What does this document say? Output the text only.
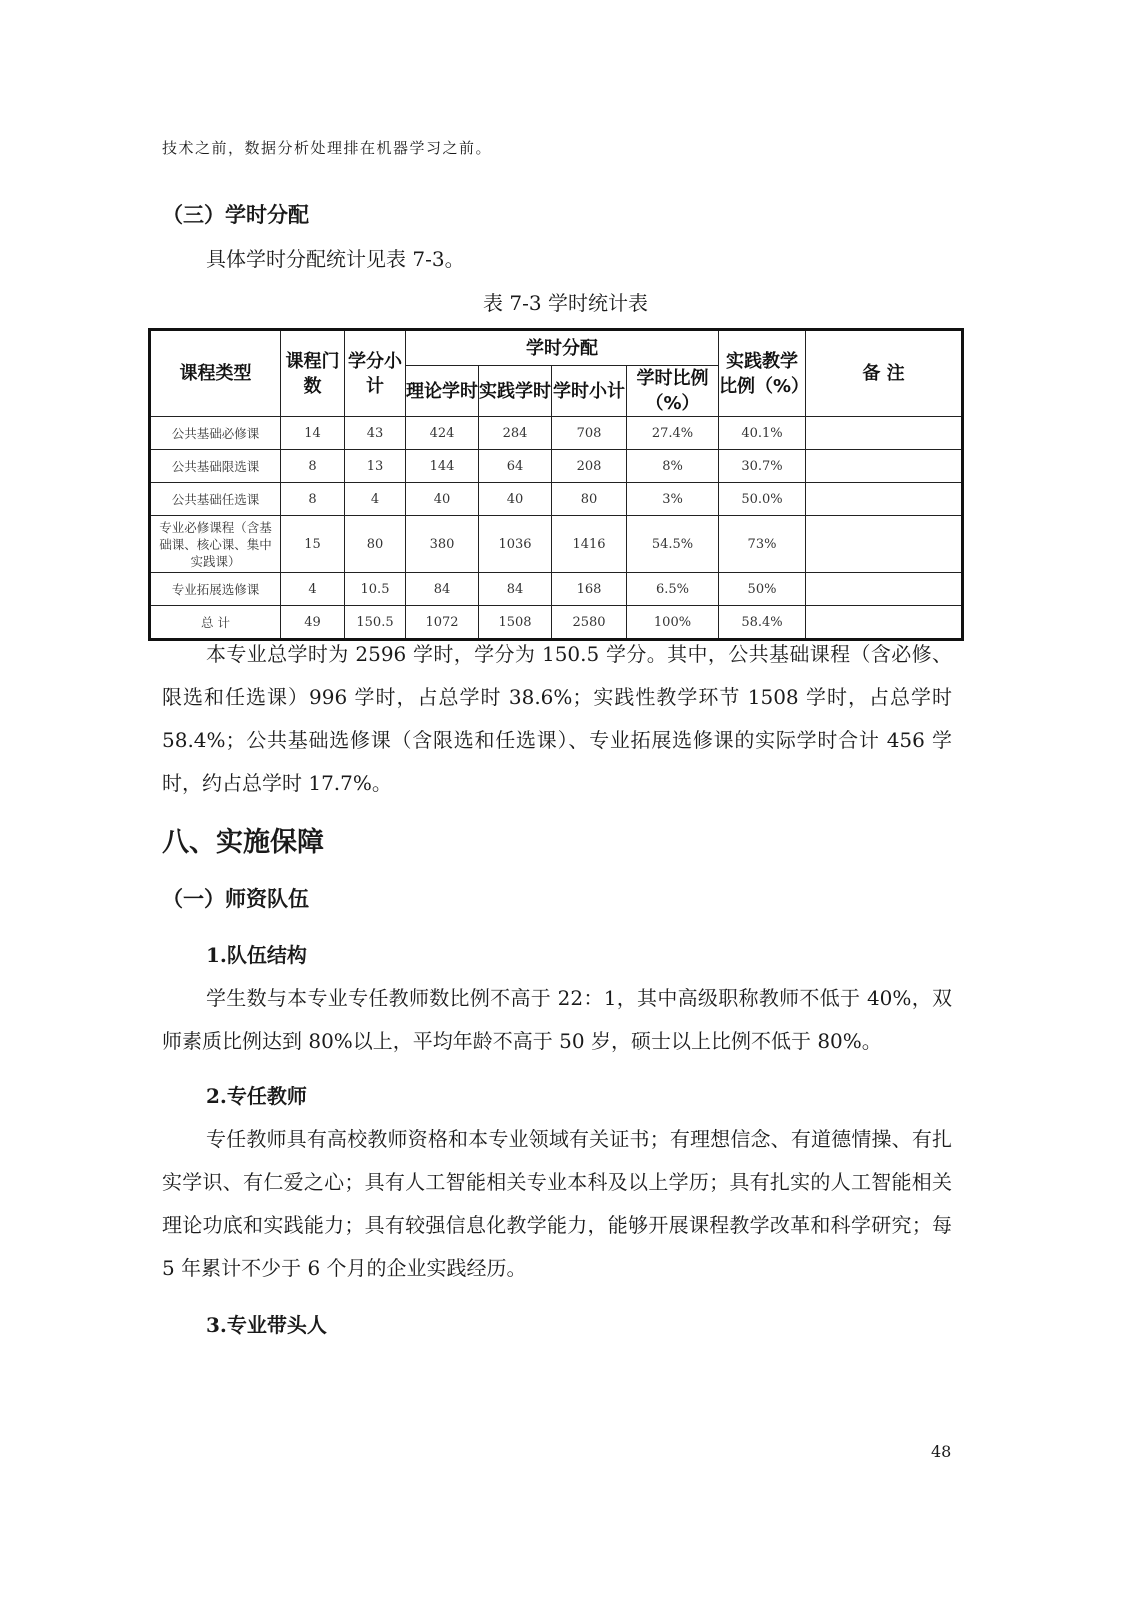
技术之前，数据分析处理排在机器学习之前。

（三）学时分配

具体学时分配统计见表 7-3。

表 7-3 学时统计表

课程类型	课程门数	学分小计	学时分配				实践教学比例（%）	备 注
			理论学时	实践学时	学时小计	学时比例（%）		
公共基础必修课	14	43	424	284	708	27.4%	40.1%	
公共基础限选课	8	13	144	64	208	8%	30.7%	
公共基础任选课	8	4	40	40	80	3%	50.0%	
专业必修课程（含基础课、核心课、集中实践课）	15	80	380	1036	1416	54.5%	73%	
专业拓展选修课	4	10.5	84	84	168	6.5%	50%	
总 计	49	150.5	1072	1508	2580	100%	58.4%	

本专业总学时为 2596 学时，学分为 150.5 学分。其中，公共基础课程（含必修、限选和任选课）996 学时，占总学时 38.6%；实践性教学环节 1508 学时，占总学时 58.4%；公共基础选修课（含限选和任选课）、专业拓展选修课的实际学时合计 456 学时，约占总学时 17.7%。

八、实施保障

（一）师资队伍

1.队伍结构

学生数与本专业专任教师数比例不高于 22：1，其中高级职称教师不低于 40%，双师素质比例达到 80%以上，平均年龄不高于 50 岁，硕士以上比例不低于 80%。

2.专任教师

专任教师具有高校教师资格和本专业领域有关证书；有理想信念、有道德情操、有扎实学识、有仁爱之心；具有人工智能相关专业本科及以上学历；具有扎实的人工智能相关理论功底和实践能力；具有较强信息化教学能力，能够开展课程教学改革和科学研究；每 5 年累计不少于 6 个月的企业实践经历。

3.专业带头人

48
